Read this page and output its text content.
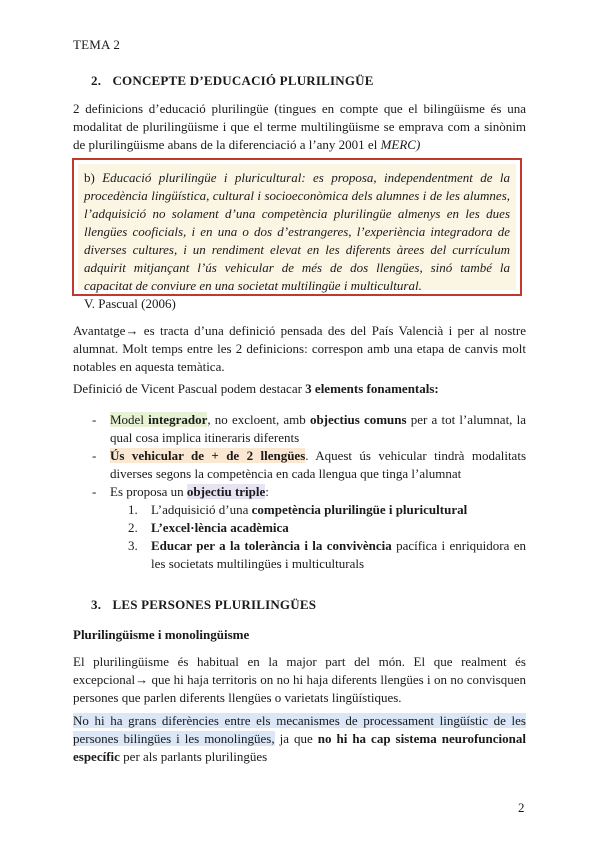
TEMA 2
2. CONCEPTE D’EDUCACIÓ PLURILINGÜE
2 definicions d’educació plurilingüe (tingues en compte que el bilingüisme és una modalitat de plurilingüisme i que el terme multilingüisme se emprava com a sinònim de plurilingüisme abans de la diferenciació a l’any 2001 el MERC)
b) Educació plurilingüe i pluricultural: es proposa, independentment de la procedència lingüística, cultural i socioeconòmica dels alumnes i de les alumnes, l’adquisició no solament d’una competència plurilingüe almenys en les dues llengües cooficials, i en una o dos d’estrangeres, l’experiència integradora de diverses cultures, i un rendiment elevat en les diferents àrees del currículum adquirit mitjançant l’ús vehicular de més de dos llengües, sinó també la capacitat de conviure en una societat multilingüe i multicultural.
V. Pascual (2006)
Avantatge→ es tracta d’una definició pensada des del País Valencià i per al nostre alumnat. Molt temps entre les 2 definicions: correspon amb una etapa de canvis molt notables en aquesta temàtica.
Definició de Vicent Pascual podem destacar 3 elements fonamentals:
- Model integrador, no excloent, amb objectius comuns per a tot l’alumnat, la qual cosa implica itineraris diferents
- Ús vehicular de + de 2 llengües. Aquest ús vehicular tindrà modalitats diverses segons la competència en cada llengua que tinga l’alumnat
- Es proposa un objectiu triple:
1. L’adquisició d’una competència plurilingüe i pluricultural
2. L’excel·lència acadèmica
3. Educar per a la tolerància i la convivència pacífica i enriquidora en les societats multilingües i multiculturals
3. LES PERSONES PLURILINGÜES
Plurilingüisme i monolingüisme
El plurilingüisme és habitual en la major part del món. El que realment és excepcional→ que hi haja territoris on no hi haja diferents llengües i on no convisquen persones que parlen diferents llengües o varietats lingüístiques.
No hi ha grans diferències entre els mecanismes de processament lingüístic de les persones bilingües i les monolingües, ja que no hi ha cap sistema neurofuncional específic per als parlants plurilingües
2
